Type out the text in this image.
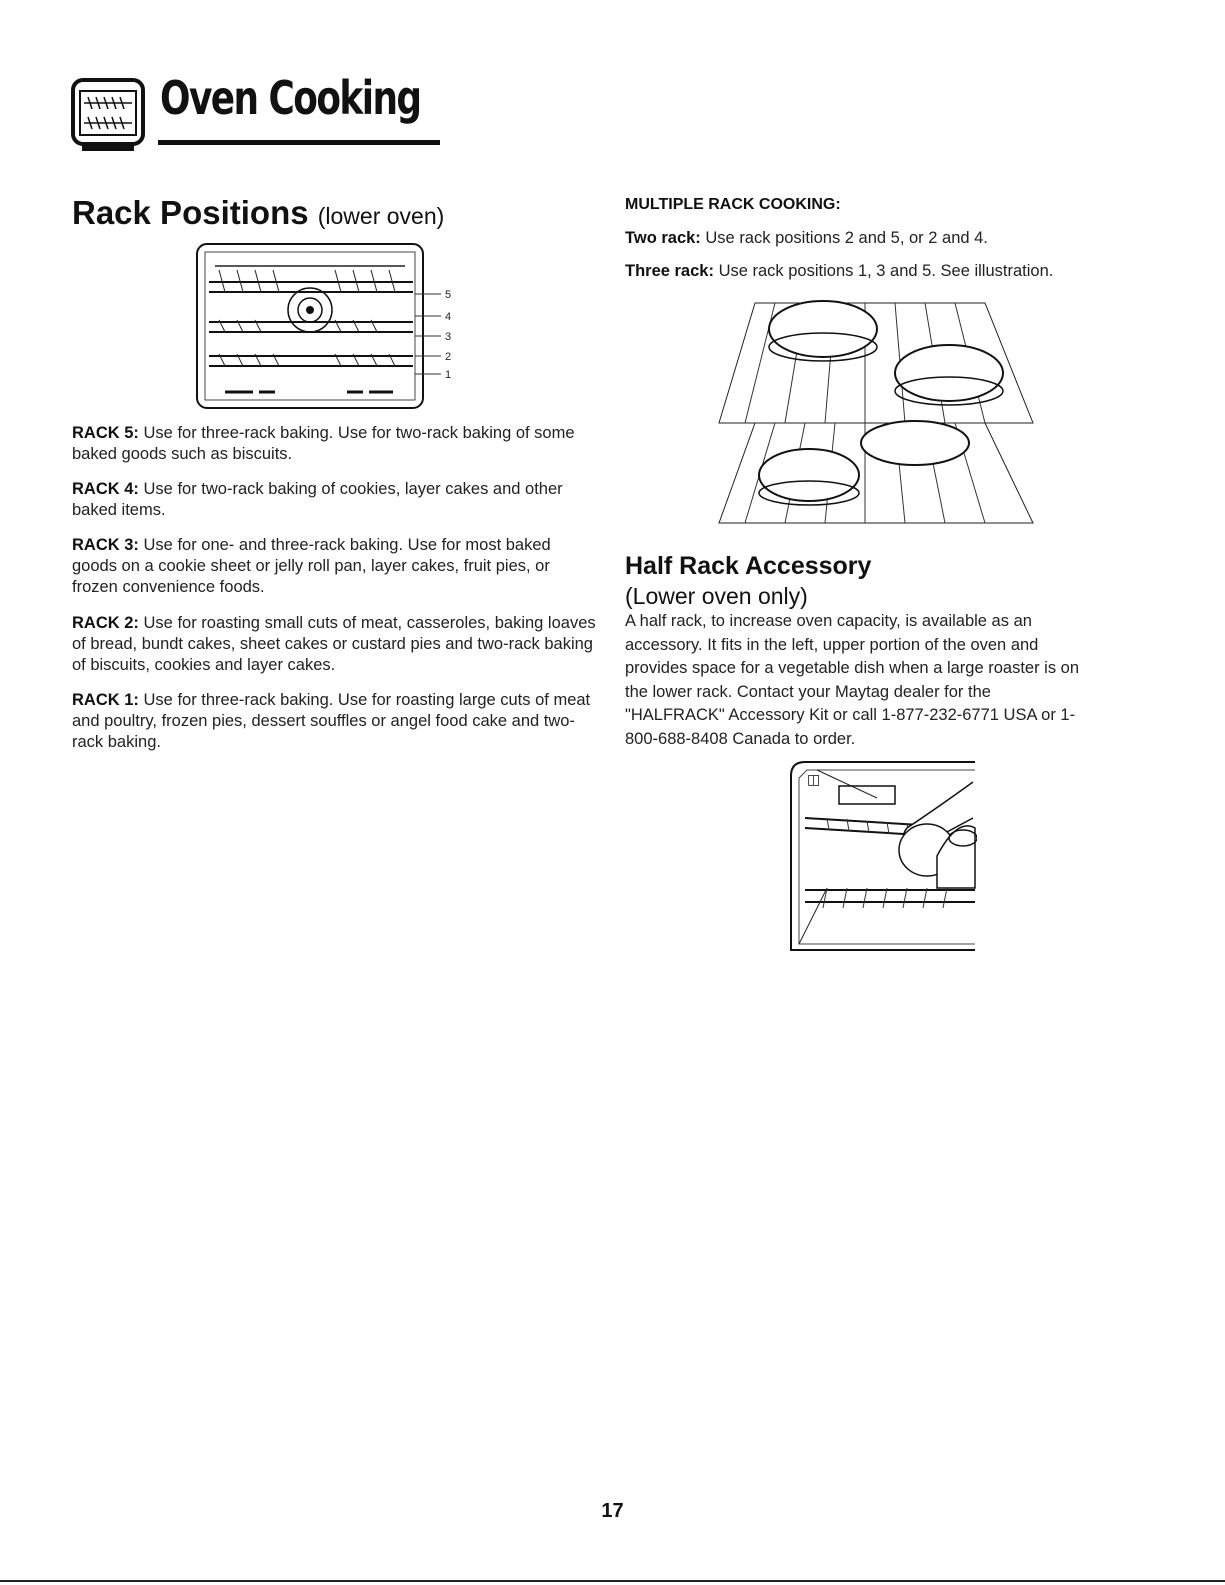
Oven Cooking
Rack Positions (lower oven)
5
4
3
2
1

RACK 5: Use for three-rack baking. Use for two-rack baking of some baked goods such as biscuits.

RACK 4: Use for two-rack baking of cookies, layer cakes and other baked items.

RACK 3: Use for one- and three-rack baking. Use for most baked goods on a cookie sheet or jelly roll pan, layer cakes, fruit pies, or frozen convenience foods.

RACK 2: Use for roasting small cuts of meat, casseroles, baking loaves of bread, bundt cakes, sheet cakes or custard pies and two-rack baking of biscuits, cookies and layer cakes.

RACK 1: Use for three-rack baking. Use for roasting large cuts of meat and poultry, frozen pies, dessert souffles or angel food cake and two-rack baking.

MULTIPLE RACK COOKING:

Two rack: Use rack positions 2 and 5, or 2 and 4.

Three rack: Use rack positions 1, 3 and 5. See illustration.

Half Rack Accessory
(Lower oven only)

A half rack, to increase oven capacity, is available as an accessory. It fits in the left, upper portion of the oven and provides space for a vegetable dish when a large roaster is on the lower rack. Contact your Maytag dealer for the "HALFRACK" Accessory Kit or call 1-877-232-6771 USA or 1-800-688-8408 Canada to order.

◫
17
